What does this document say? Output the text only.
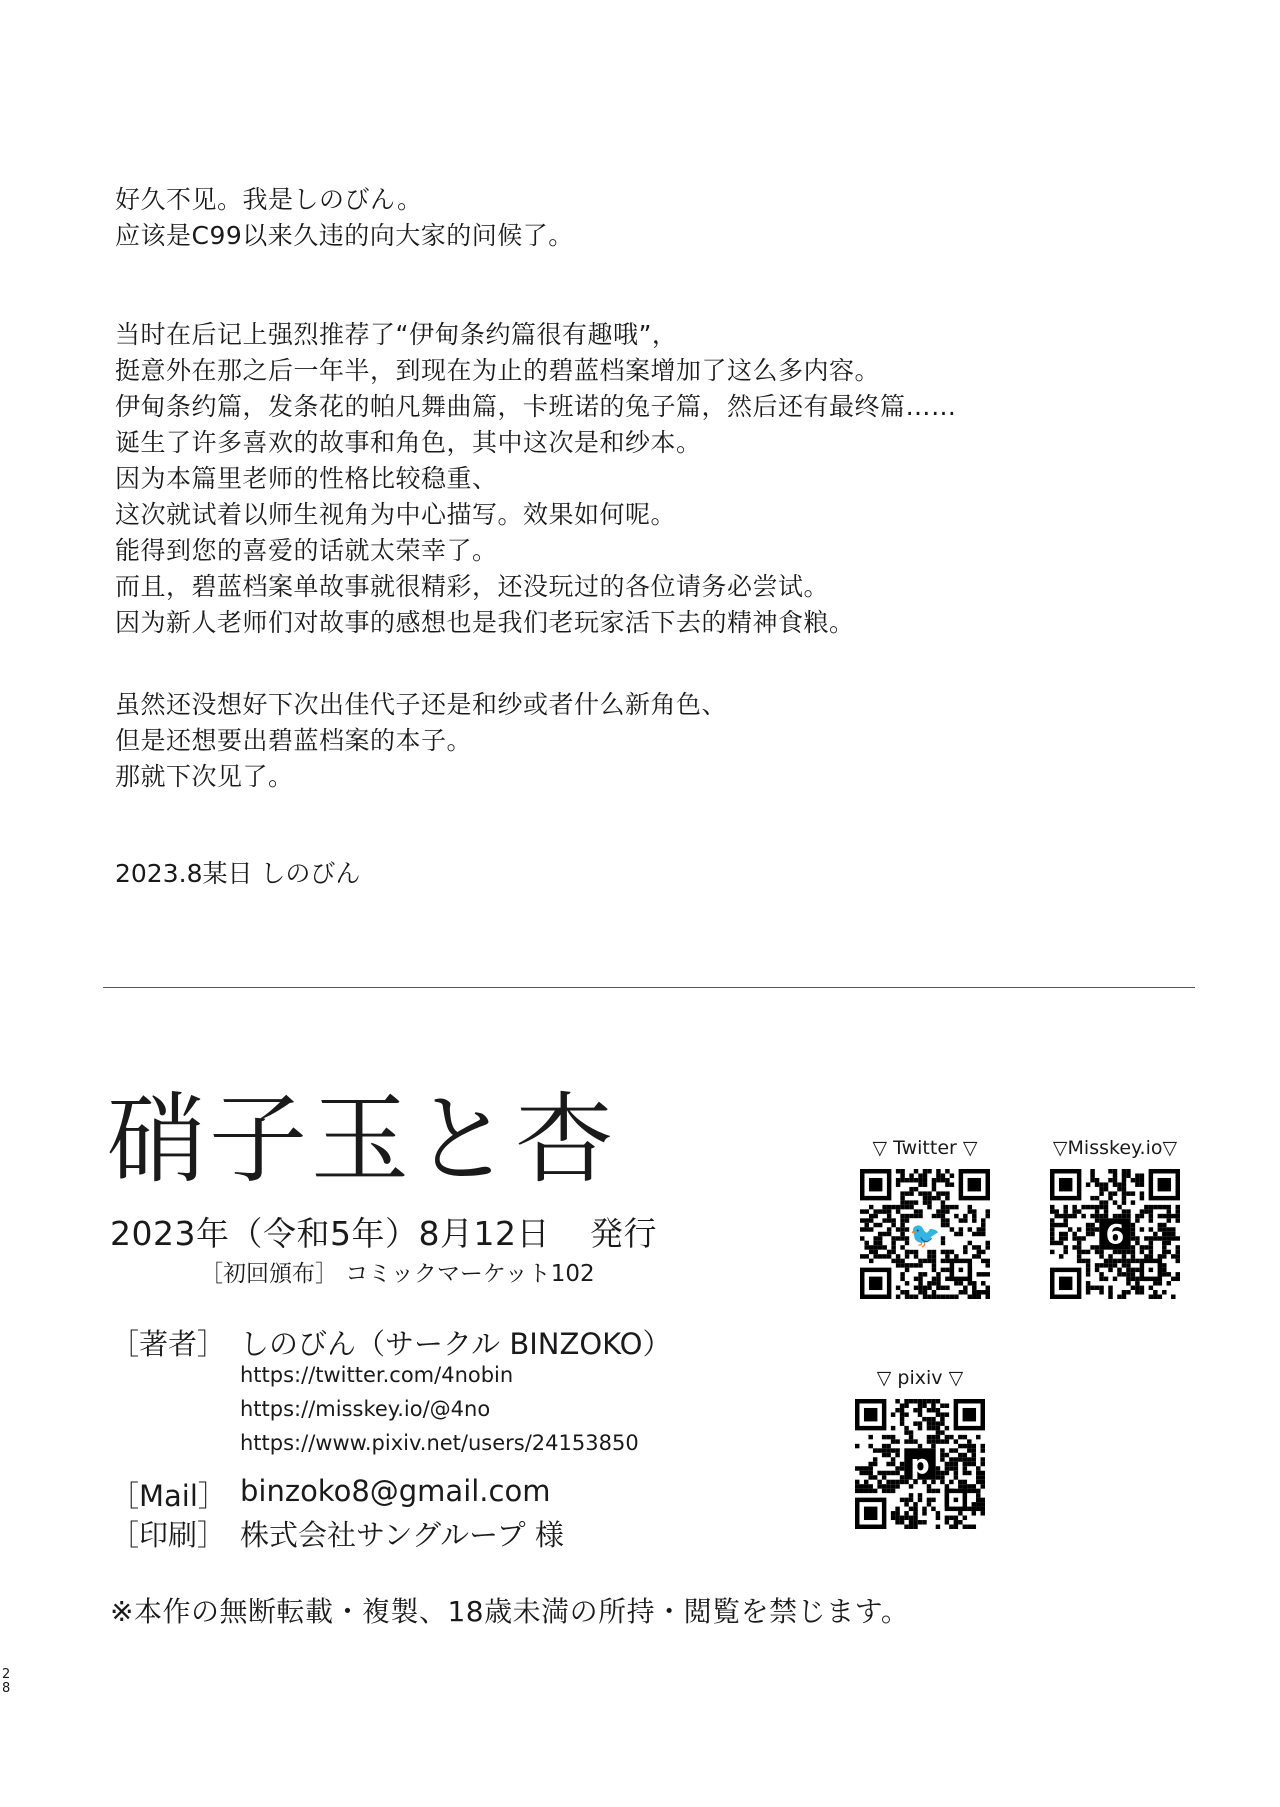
好久不见。我是しのびん。
应该是C99以来久违的向大家的问候了。

当时在后记上强烈推荐了“伊甸条约篇很有趣哦”，
挺意外在那之后一年半，到现在为止的碧蓝档案增加了这么多内容。
伊甸条约篇，发条花的帕凡舞曲篇，卡班诺的兔子篇，然后还有最终篇……
诞生了许多喜欢的故事和角色，其中这次是和纱本。
因为本篇里老师的性格比较稳重、
这次就试着以师生视角为中心描写。效果如何呢。
能得到您的喜爱的话就太荣幸了。
而且，碧蓝档案单故事就很精彩，还没玩过的各位请务必尝试。
因为新人老师们对故事的感想也是我们老玩家活下去的精神食粮。

虽然还没想好下次出佳代子还是和纱或者什么新角色、
但是还想要出碧蓝档案的本子。
那就下次见了。

2023.8某日 しのびん
硝子玉と杏
2023年（令和5年）8月12日 発行
［初回頒布］ コミックマーケット102
［著者］ しのびん（サークル BINZOKO）
https://twitter.com/4nobin
https://misskey.io/@4no
https://www.pixiv.net/users/24153850
［Mail］ binzoko8@gmail.com
［印刷］ 株式会社サングループ 様
※本作の無断転載・複製、18歳未満の所持・閲覧を禁じます。
▽ Twitter ▽
🐦
▽Misskey.io▽
6
▽ pixiv ▽
p
2
8
